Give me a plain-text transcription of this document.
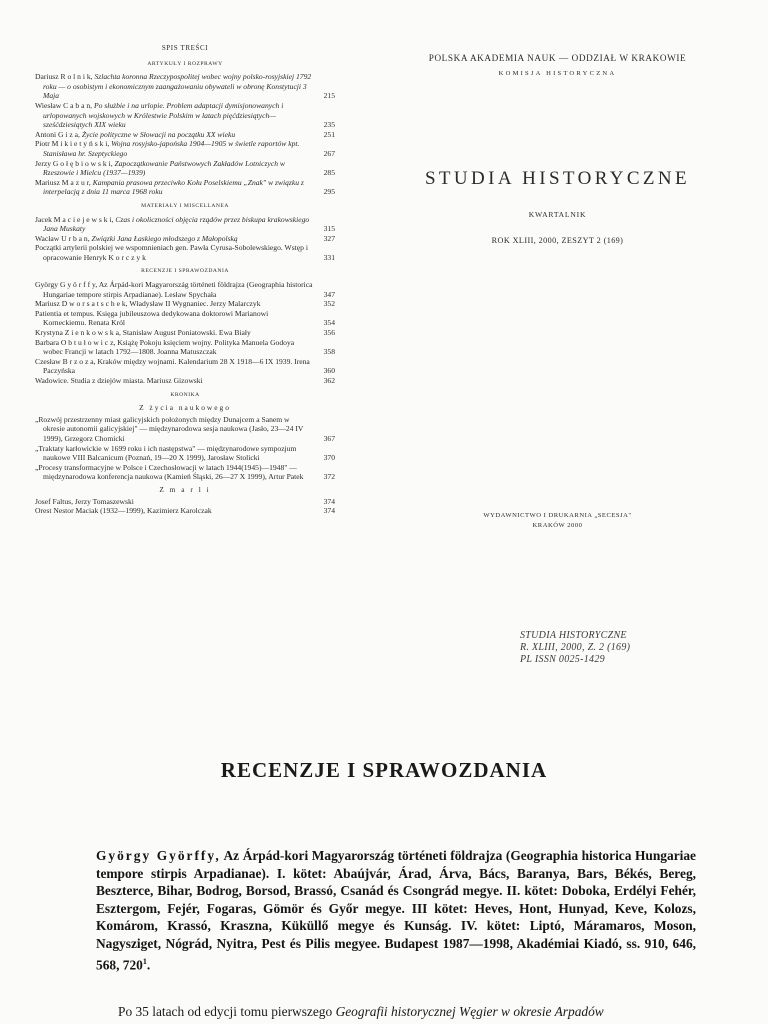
SPIS TREŚCI
ARTYKUŁY I ROZPRAWY
Dariusz R o l n i k, Szlachta koronna Rzeczypospolitej wobec wojny polsko-rosyjskiej 1792 roku — o osobistym i ekonomicznym zaangażowaniu obywateli w obronę Konstytucji 3 Maja	215
Wiesław C a b a n, Po służbie i na urlopie. Problem adaptacji dymisjonowanych i urlopowanych wojskowych w Królestwie Polskim w latach pięćdziesiątych—sześćdziesiątych XIX wieku	235
Antoni G i z a, Życie polityczne w Słowacji na początku XX wieku	251
Piotr M i k i e t y ń s k i, Wojna rosyjsko-japońska 1904—1905 w świetle raportów kpt. Stanisława hr. Szeptyckiego	267
Jerzy G o ł ę b i o w s k i, Zapoczątkowanie Państwowych Zakładów Lotniczych w Rzeszowie i Mielcu (1937—1939)	285
Mariusz M a z u r, Kampania prasowa przeciwko Kołu Poselskiemu „Znak" w związku z interpelacją z dnia 11 marca 1968 roku	295
MATERIAŁY I MISCELLANEA
Jacek M a c i e j e w s k i, Czas i okoliczności objęcia rządów przez biskupa krakowskiego Jana Muskaty	315
Wacław U r b a n, Związki Jana Łaskiego młodszego z Małopolską	327
Początki artylerii polskiej we wspomnieniach gen. Pawła Cyrusa-Sobolewskiego. Wstęp i opracowanie Henryk K o r c z y k	331
RECENZJE I SPRAWOZDANIA
György G y ö r f f y, Az Árpád-kori Magyarország történeti földrajza (Geographia historica Hungariae tempore stirpis Arpadianae). Lesław Spychała	347
Mariusz D w o r s a t s c h e k, Władysław II Wygnaniec. Jerzy Malarczyk	352
Patientia et tempus. Księga jubileuszowa dedykowana doktorowi Marianowi Korneckiemu. Renata Król	354
Krystyna Z i e n k o w s k a, Stanisław August Poniatowski. Ewa Biały	356
Barbara O b t u ł o w i c z, Książę Pokoju księciem wojny. Polityka Manuela Godoya wobec Francji w latach 1792—1808. Joanna Matuszczak	358
Czesław B r z o z a, Kraków między wojnami. Kalendarium 28 X 1918—6 IX 1939. Irena Paczyńska	360
Wadowice. Studia z dziejów miasta. Mariusz Gizowski	362
KRONIKA
Z życia naukowego
„Rozwój przestrzenny miast galicyjskich położonych między Dunajcem a Sanem w okresie autonomii galicyjskiej" — międzynarodowa sesja naukowa (Jasło, 23—24 IV 1999), Grzegorz Chomicki	367
„Traktaty karłowickie w 1699 roku i ich następstwa" — międzynarodowe sympozjum naukowe VIII Balcanicum (Poznań, 19—20 X 1999), Jarosław Stolicki	370
„Procesy transformacyjne w Polsce i Czechosłowacji w latach 1944(1945)—1948" — międzynarodowa konferencja naukowa (Kamień Śląski, 26—27 X 1999), Artur Patek	372
Z m a r l i
Josef Faltus, Jerzy Tomaszewski	374
Orest Nestor Maciak (1932—1999), Kazimierz Karolczak	374
POLSKA AKADEMIA NAUK — ODDZIAŁ W KRAKOWIE
KOMISJA HISTORYCZNA
STUDIA HISTORYCZNE
KWARTALNIK
ROK XLIII, 2000, ZESZYT 2 (169)
WYDAWNICTWO I DRUKARNIA „SECESJA"
KRAKÓW 2000
STUDIA HISTORYCZNE
R. XLIII, 2000, Z. 2 (169)
PL ISSN 0025-1429
RECENZJE I SPRAWOZDANIA
György Györffy, Az Árpád-kori Magyarország történeti földrajza (Geographia historica Hungariae tempore stirpis Arpadianae). I. kötet: Abaújvár, Árad, Árva, Bács, Baranya, Bars, Békés, Bereg, Beszterce, Bihar, Bodrog, Borsod, Brassó, Csanád és Csongrád megye. II. kötet: Doboka, Erdélyi Fehér, Esztergom, Fejér, Fogaras, Gömör és Győr megye. III kötet: Heves, Hont, Hunyad, Keve, Kolozs, Komárom, Krassó, Kraszna, Küküllő megye és Kunság. IV. kötet: Liptó, Máramaros, Moson, Nagysziget, Nógrád, Nyitra, Pest és Pilis megyee. Budapest 1987—1998, Akadémiai Kiadó, ss. 910, 646, 568, $720^1$.
Po 35 latach od edycji tomu pierwszego Geografii historycznej Węgier w okresie Arpadów
